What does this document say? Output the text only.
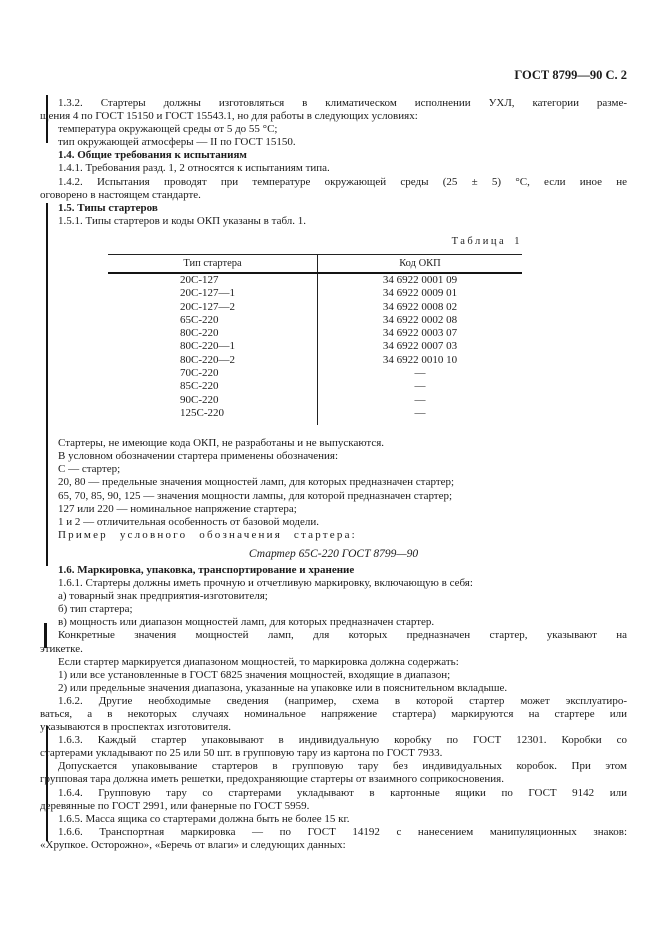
ГОСТ 8799—90 С. 2
1.3.2. Стартеры должны изготовляться в климатическом исполнении УХЛ, категории разме-
щения 4 по ГОСТ 15150 и ГОСТ 15543.1, но для работы в следующих условиях:
температура окружающей среды от 5 до 55 °С;
тип окружающей атмосферы — II по ГОСТ 15150.
1.4. Общие требования к испытаниям
1.4.1. Требования разд. 1, 2 относятся к испытаниям типа.
1.4.2. Испытания проводят при температуре окружающей среды (25 ± 5) °С, если иное не
оговорено в настоящем стандарте.
1.5. Типы стартеров
1.5.1. Типы стартеров и коды ОКП указаны в табл. 1.
Таблица 1
Тип стартера	Код ОКП
20С-127	34 6922 0001 09
20С-127—1	34 6922 0009 01
20С-127—2	34 6922 0008 02
65С-220	34 6922 0002 08
80С-220	34 6922 0003 07
80С-220—1	34 6922 0007 03
80С-220—2	34 6922 0010 10
70С-220	—
85С-220	—
90С-220	—
125С-220	—
Стартеры, не имеющие кода ОКП, не разработаны и не выпускаются.
В условном обозначении стартера применены обозначения:
С — стартер;
20, 80 — предельные значения мощностей ламп, для которых предназначен стартер;
65, 70, 85, 90, 125 — значения мощности лампы, для которой предназначен стартер;
127 или 220 — номинальное напряжение стартера;
1 и 2 — отличительная особенность от базовой модели.
Пример условного обозначения стартера:
Стартер 65С-220 ГОСТ 8799—90
1.6. Маркировка, упаковка, транспортирование и хранение
1.6.1. Стартеры должны иметь прочную и отчетливую маркировку, включающую в себя:
а) товарный знак предприятия-изготовителя;
б) тип стартера;
в) мощность или диапазон мощностей ламп, для которых предназначен стартер.
Конкретные значения мощностей ламп, для которых предназначен стартер, указывают на
этикетке.
Если стартер маркируется диапазоном мощностей, то маркировка должна содержать:
1) или все установленные в ГОСТ 6825 значения мощностей, входящие в диапазон;
2) или предельные значения диапазона, указанные на упаковке или в пояснительном вкладыше.
1.6.2. Другие необходимые сведения (например, схема в которой стартер может эксплуатиро-
ваться, а в некоторых случаях номинальное напряжение стартера) маркируются на стартере или
указываются в проспектах изготовителя.
1.6.3. Каждый стартер упаковывают в индивидуальную коробку по ГОСТ 12301. Коробки со
стартерами укладывают по 25 или 50 шт. в групповую тару из картона по ГОСТ 7933.
Допускается упаковывание стартеров в групповую тару без индивидуальных коробок. При этом
групповая тара должна иметь решетки, предохраняющие стартеры от взаимного соприкосновения.
1.6.4. Групповую тару со стартерами укладывают в картонные ящики по ГОСТ 9142 или
деревянные по ГОСТ 2991, или фанерные по ГОСТ 5959.
1.6.5. Масса ящика со стартерами должна быть не более 15 кг.
1.6.6. Транспортная маркировка — по ГОСТ 14192 с нанесением манипуляционных знаков:
«Хрупкое. Осторожно», «Беречь от влаги» и следующих данных:
